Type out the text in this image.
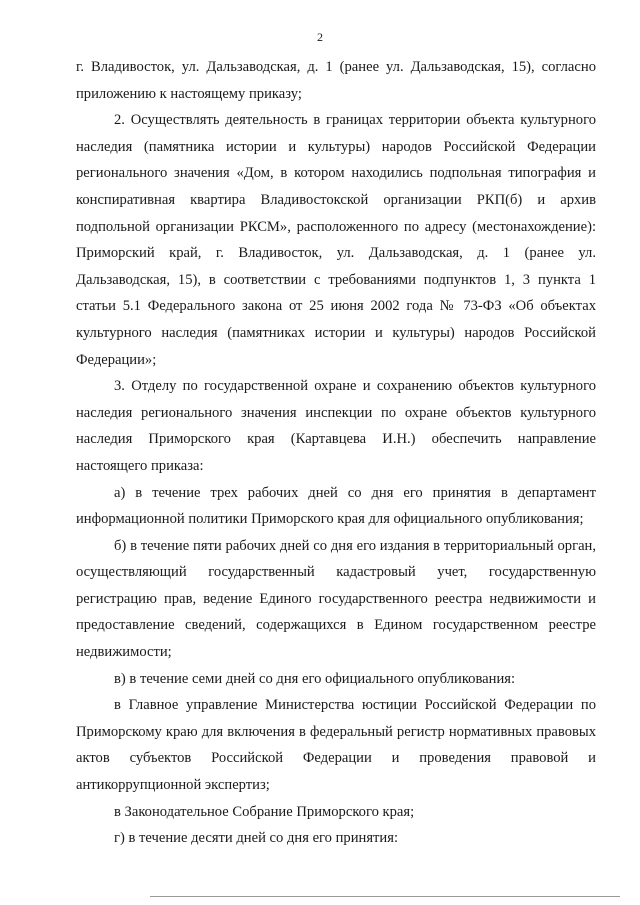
2

г. Владивосток, ул. Дальзаводская, д. 1 (ранее ул. Дальзаводская, 15), согласно приложению к настоящему приказу;

2. Осуществлять деятельность в границах территории объекта культурного наследия (памятника истории и культуры) народов Российской Федерации регионального значения «Дом, в котором находились подпольная типография и конспиративная квартира Владивостокской организации РКП(б) и архив подпольной организации РКСМ», расположенного по адресу (местонахождение): Приморский край, г. Владивосток, ул. Дальзаводская, д. 1 (ранее ул. Дальзаводская, 15), в соответствии с требованиями подпунктов 1, 3 пункта 1 статьи 5.1 Федерального закона от 25 июня 2002 года № 73-ФЗ «Об объектах культурного наследия (памятниках истории и культуры) народов Российской Федерации»;

3. Отделу по государственной охране и сохранению объектов культурного наследия регионального значения инспекции по охране объектов культурного наследия Приморского края (Картавцева И.Н.) обеспечить направление настоящего приказа:

а) в течение трех рабочих дней со дня его принятия в департамент информационной политики Приморского края для официального опубликования;

б) в течение пяти рабочих дней со дня его издания в территориальный орган, осуществляющий государственный кадастровый учет, государственную регистрацию прав, ведение Единого государственного реестра недвижимости и предоставление сведений, содержащихся в Едином государственном реестре недвижимости;

в) в течение семи дней со дня его официального опубликования:

в Главное управление Министерства юстиции Российской Федерации по Приморскому краю для включения в федеральный регистр нормативных правовых актов субъектов Российской Федерации и проведения правовой и антикоррупционной экспертиз;

в Законодательное Собрание Приморского края;

г) в течение десяти дней со дня его принятия:
